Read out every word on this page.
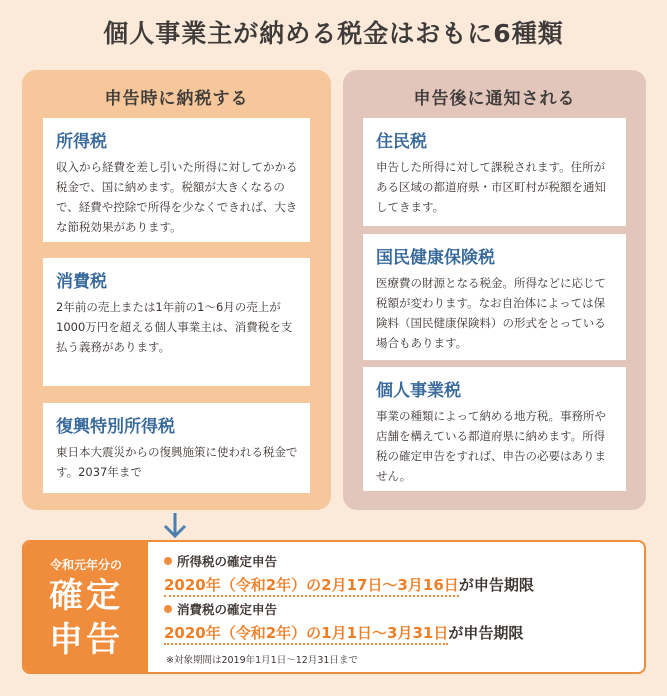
個人事業主が納める税金はおもに6種類
申告時に納税する
所得税
収入から経費を差し引いた所得に対してかかる税金で、国に納めます。税額が大きくなるので、経費や控除で所得を少なくできれば、大きな節税効果があります。
消費税
2年前の売上または1年前の1〜6月の売上が1000万円を超える個人事業主は、消費税を支払う義務があります。
復興特別所得税
東日本大震災からの復興施策に使われる税金です。2037年まで
申告後に通知される
住民税
申告した所得に対して課税されます。住所がある区域の都道府県・市区町村が税額を通知してきます。
国民健康保険税
医療費の財源となる税金。所得などに応じて税額が変わります。なお自治体によっては保険料（国民健康保険料）の形式をとっている場合もあります。
個人事業税
事業の種類によって納める地方税。事務所や店舗を構えている都道府県に納めます。所得税の確定申告をすれば、申告の必要はありません。
令和元年分の
確定
申告
所得税の確定申告
2020年（令和2年）の2月17日〜3月16日が申告期限
消費税の確定申告
2020年（令和2年）の1月1日〜3月31日が申告期限
※対象期間は2019年1月1日〜12月31日まで
